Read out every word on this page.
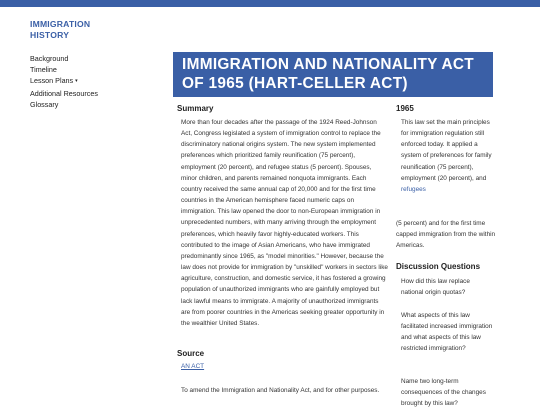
IMMIGRATION HISTORY
Background
Timeline
Lesson Plans ▾
Additional Resources
Glossary
IMMIGRATION AND NATIONALITY ACT OF 1965 (HART-CELLER ACT)
Summary
More than four decades after the passage of the 1924 Reed-Johnson Act, Congress legislated a system of immigration control to replace the discriminatory national origins system. The new system implemented preferences which prioritized family reunification (75 percent), employment (20 percent), and refugee status (5 percent). Spouses, minor children, and parents remained nonquota immigrants. Each country received the same annual cap of 20,000 and for the first time countries in the American hemisphere faced numeric caps on immigration. This law opened the door to non-European immigration in unprecedented numbers, with many arriving through the employment preferences, which heavily favor highly-educated workers. This contributed to the image of Asian Americans, who have immigrated predominantly since 1965, as "model minorities." However, because the law does not provide for immigration by "unskilled" workers in sectors like agriculture, construction, and domestic service, it has fostered a growing population of unauthorized immigrants who are gainfully employed but lack lawful means to immigrate. A majority of unauthorized immigrants are from poorer countries in the Americas seeking greater opportunity in the wealthier United States.
Source
AN ACT
To amend the Immigration and Nationality Act, and for other purposes.
1965
This law set the main principles for immigration regulation still enforced today. It applied a system of preferences for family reunification (75 percent), employment (20 percent), and refugees
(5 percent) and for the first time capped immigration from the within Americas.
Discussion Questions
How did this law replace national origin quotas?
What aspects of this law facilitated increased immigration and what aspects of this law restricted immigration?
Name two long-term consequences of the changes brought by this law?
